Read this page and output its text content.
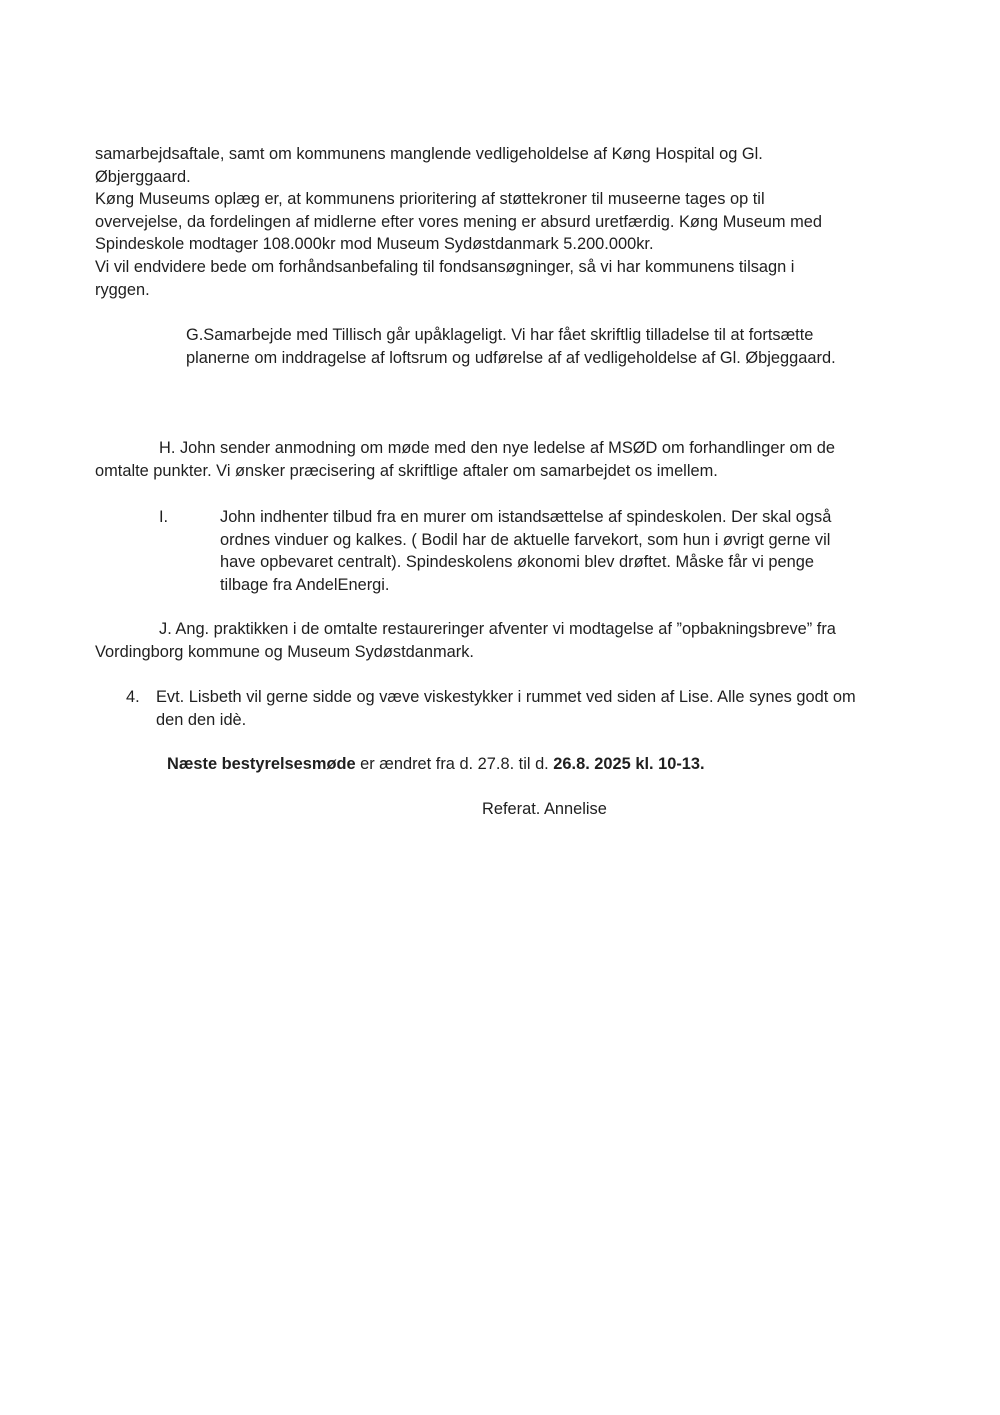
samarbejdsaftale, samt om kommunens manglende vedligeholdelse af Køng Hospital og Gl.
Øbjerggaard.
Køng Museums oplæg er, at kommunens prioritering af støttekroner til museerne tages op til
overvejelse, da fordelingen af midlerne efter vores mening er absurd uretfærdig. Køng Museum med
Spindeskole modtager 108.000kr mod Museum Sydøstdanmark 5.200.000kr.
Vi vil endvidere bede om forhåndsanbefaling til fondsansøgninger, så vi har kommunens tilsagn i
ryggen.
G.Samarbejde med Tillisch går upåklageligt. Vi har fået skriftlig tilladelse til at fortsætte
planerne om inddragelse af loftsrum og udførelse af af vedligeholdelse af Gl. Øbjeggaard.
H. John sender anmodning om møde med den nye ledelse af MSØD om forhandlinger om de
omtalte punkter. Vi ønsker præcisering af skriftlige aftaler om samarbejdet os imellem.
I.	John indhenter tilbud fra en murer om istandsættelse af spindeskolen. Der skal også
ordnes vinduer og kalkes. ( Bodil har de aktuelle farvekort, som hun i øvrigt gerne vil
have opbevaret centralt). Spindeskolens økonomi blev drøftet. Måske får vi penge
tilbage fra AndelEnergi.
J. Ang. praktikken i de omtalte restaureringer afventer vi modtagelse af ”opbakningsbreve” fra
Vordingborg kommune og Museum Sydøstdanmark.
4. Evt. Lisbeth vil gerne sidde og væve viskestykker i rummet ved siden af Lise. Alle synes godt om
den den idè.
Næste bestyrelsesmøde er ændret fra d. 27.8. til d. 26.8. 2025 kl. 10-13.
Referat. Annelise
